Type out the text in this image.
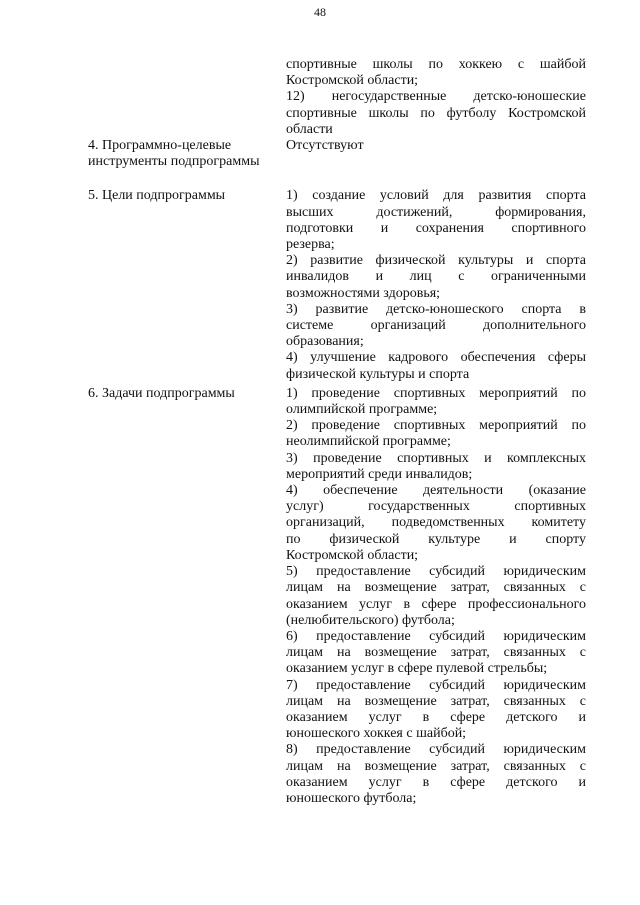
48
спортивные школы по хоккею с шайбой
Костромской области;
12) негосударственные детско-юношеские
спортивные школы по футболу Костромской
области
4. Программно-целевые
инструменты подпрограммы
Отсутствуют
5. Цели подпрограммы	1) создание условий для развития спорта
высших достижений, формирования,
подготовки и сохранения спортивного
резерва;
2) развитие физической культуры и спорта
инвалидов и лиц с ограниченными
возможностями здоровья;
3) развитие детско-юношеского спорта в
системе организаций дополнительного
образования;
4) улучшение кадрового обеспечения сферы
физической культуры и спорта
6. Задачи подпрограммы	1) проведение спортивных мероприятий по
олимпийской программе;
2) проведение спортивных мероприятий по
неолимпийской программе;
3) проведение спортивных и комплексных
мероприятий среди инвалидов;
4) обеспечение деятельности (оказание
услуг) государственных спортивных
организаций, подведомственных комитету
по физической культуре и спорту
Костромской области;
5) предоставление субсидий юридическим
лицам на возмещение затрат, связанных с
оказанием услуг в сфере профессионального
(нелюбительского) футбола;
6) предоставление субсидий юридическим
лицам на возмещение затрат, связанных с
оказанием услуг в сфере пулевой стрельбы;
7) предоставление субсидий юридическим
лицам на возмещение затрат, связанных с
оказанием услуг в сфере детского и
юношеского хоккея с шайбой;
8) предоставление субсидий юридическим
лицам на возмещение затрат, связанных с
оказанием услуг в сфере детского и
юношеского футбола;
